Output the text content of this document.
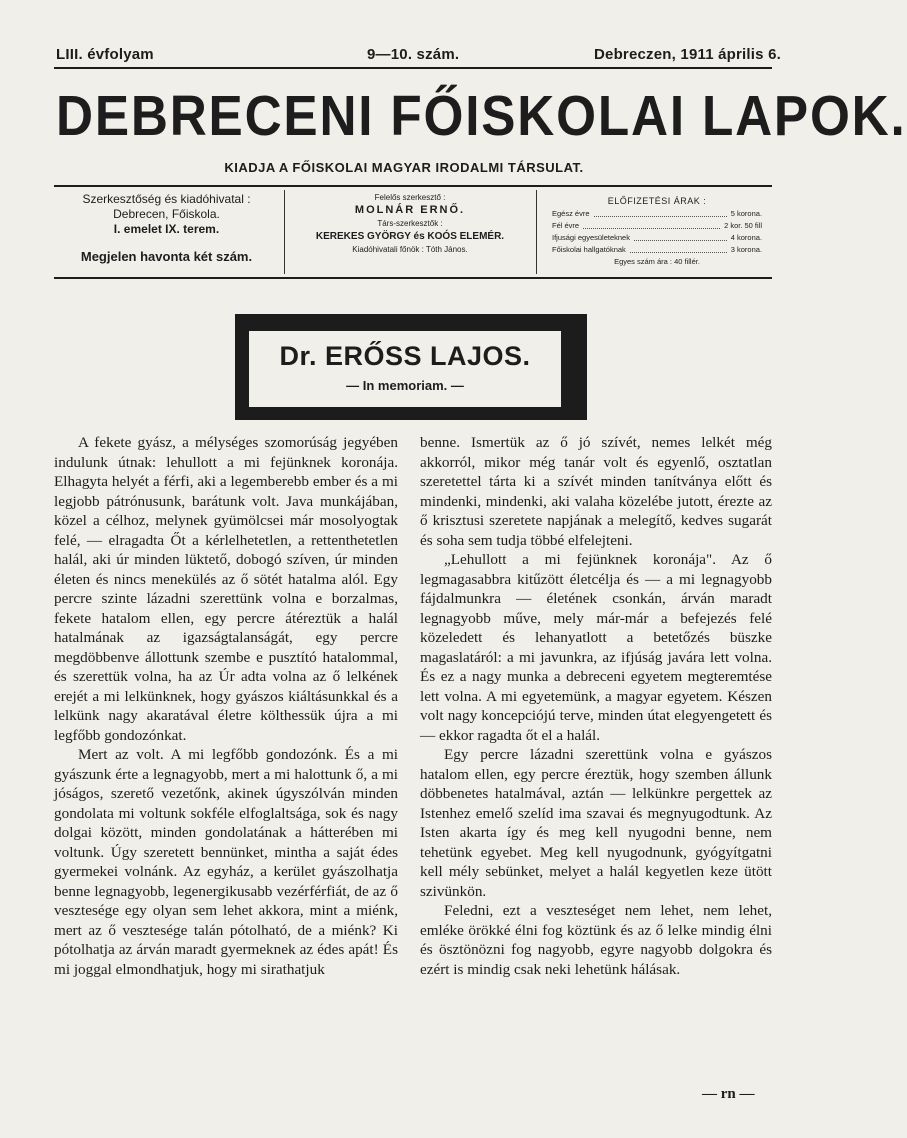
LIII. évfolyam	9—10. szám.	Debreczen, 1911 április 6.
DEBRECENI FŐISKOLAI LAPOK.
KIADJA A FŐISKOLAI MAGYAR IRODALMI TÁRSULAT.
Szerkesztőség és kiadóhivatal :
Debrecen, Főiskola.
I. emelet IX. terem.
Megjelen havonta két szám.
Felelős szerkesztő :
MOLNÁR ERNŐ.
Társ-szerkesztők :
KEREKES GYÖRGY és KOÓS ELEMÉR.
Kiadóhivatali főnök : Tóth János.
ELŐFIZETÉSI ÁRAK :
Egész évre	5 korona.
Fél évre	2 kor. 50 fill
Ifjusági egyesületeknek	4 korona.
Főiskolai hallgatóknak	3 korona.
Egyes szám ára : 40 fillér.
Dr. ERŐSS LAJOS.
— In memoriam. —

A fekete gyász, a mélységes szomorúság jegyében indulunk útnak: lehullott a mi fejünknek koronája. Elhagyta helyét a férfi, aki a legemberebb ember és a mi legjobb pátrónusunk, barátunk volt. Java munkájában, közel a célhoz, melynek gyümölcsei már mosolyogtak felé, — elragadta Őt a kérlelhetetlen, a rettenthetetlen halál, aki úr minden lüktető, dobogó szíven, úr minden életen és nincs menekülés az ő sötét hatalma alól. Egy percre szinte lázadni szerettünk volna e borzalmas, fekete hatalom ellen, egy percre átéreztük a halál hatalmának az igazságtalanságát, egy percre megdöbbenve állottunk szembe e pusztító hatalommal, és szerettük volna, ha az Úr adta volna az ő lelkének erejét a mi lelkünknek, hogy gyászos kiáltásunkkal és a lelkünk nagy akaratával életre költhessük újra a mi legfőbb gondozónkat.

Mert az volt. A mi legfőbb gondozónk. És a mi gyászunk érte a legnagyobb, mert a mi halottunk ő, a mi jóságos, szerető vezetőnk, akinek úgyszólván minden gondolata mi voltunk sokféle elfoglaltsága, sok és nagy dolgai között, minden gondolatának a hátterében mi voltunk. Úgy szeretett bennünket, mintha a saját édes gyermekei volnánk. Az egyház, a kerület gyászolhatja benne legnagyobb, legenergikusabb vezérférfiát, de az ő vesztesége egy olyan sem lehet akkora, mint a miénk, mert az ő vesztesége talán pótolható, de a miénk? Ki pótolhatja az árván maradt gyermeknek az édes apát! És mi joggal elmondhatjuk, hogy mi sirathatjuk

benne. Ismertük az ő jó szívét, nemes lelkét még akkorról, mikor még tanár volt és egyenlő, osztatlan szeretettel tárta ki a szívét minden tanítványa előtt és mindenki, mindenki, aki valaha közelébe jutott, érezte az ő krisztusi szeretete napjának a melegítő, kedves sugarát és soha sem tudja többé elfelejteni.

„Lehullott a mi fejünknek koronája". Az ő legmagasabbra kitűzött életcélja és — a mi legnagyobb fájdalmunkra — életének csonkán, árván maradt legnagyobb műve, mely már-már a befejezés felé közeledett és lehanyatlott a betetőzés büszke magaslatáról: a mi javunkra, az ifjúság javára lett volna. És ez a nagy munka a debreceni egyetem megteremtése lett volna. A mi egyetemünk, a magyar egyetem. Készen volt nagy koncepciójú terve, minden útat elegyengetett és — ekkor ragadta őt el a halál.

Egy percre lázadni szerettünk volna e gyászos hatalom ellen, egy percre éreztük, hogy szemben állunk döbbenetes hatalmával, aztán — lelkünkre pergettek az Istenhez emelő szelíd ima szavai és megnyugodtunk. Az Isten akarta így és meg kell nyugodni benne, nem tehetünk egyebet. Meg kell nyugodnunk, gyógyítgatni kell mély sebünket, melyet a halál kegyetlen keze ütött szivünkön.

Feledni, ezt a veszteséget nem lehet, nem lehet, emléke örökké élni fog köztünk és az ő lelke mindig élni és ösztönözni fog nagyobb, egyre nagyobb dolgokra és ezért is mindig csak neki lehetünk hálásak.

— rn —
